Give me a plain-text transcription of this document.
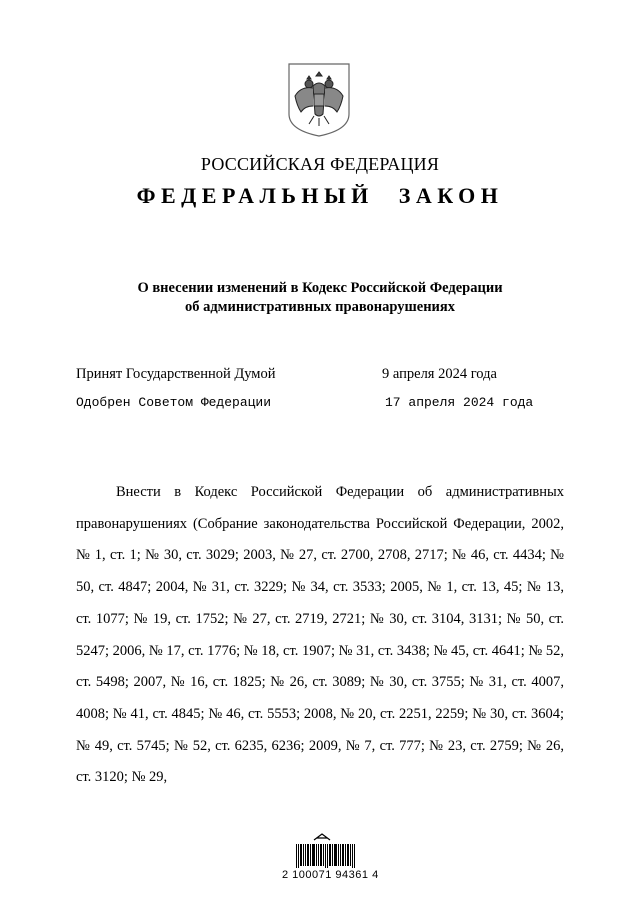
РОССИЙСКАЯ ФЕДЕРАЦИЯ
ФЕДЕРАЛЬНЫЙ ЗАКОН
О внесении изменений в Кодекс Российской Федерации
об административных правонарушениях
Принят Государственной Думой	9 апреля 2024 года
Одобрен Советом Федерации	17 апреля 2024 года
Внести в Кодекс Российской Федерации об административных правонарушениях (Собрание законодательства Российской Федерации, 2002, № 1, ст. 1; № 30, ст. 3029; 2003, № 27, ст. 2700, 2708, 2717; № 46, ст. 4434; № 50, ст. 4847; 2004, № 31, ст. 3229; № 34, ст. 3533; 2005, № 1, ст. 13, 45; № 13, ст. 1077; № 19, ст. 1752; № 27, ст. 2719, 2721; № 30, ст. 3104, 3131; № 50, ст. 5247; 2006, № 17, ст. 1776; № 18, ст. 1907; № 31, ст. 3438; № 45, ст. 4641; № 52, ст. 5498; 2007, № 16, ст. 1825; № 26, ст. 3089; № 30, ст. 3755; № 31, ст. 4007, 4008; № 41, ст. 4845; № 46, ст. 5553; 2008, № 20, ст. 2251, 2259; № 30, ст. 3604; № 49, ст. 5745; № 52, ст. 6235, 6236; 2009, № 7, ст. 777; № 23, ст. 2759; № 26, ст. 3120; № 29,
2 100071 94361 4
